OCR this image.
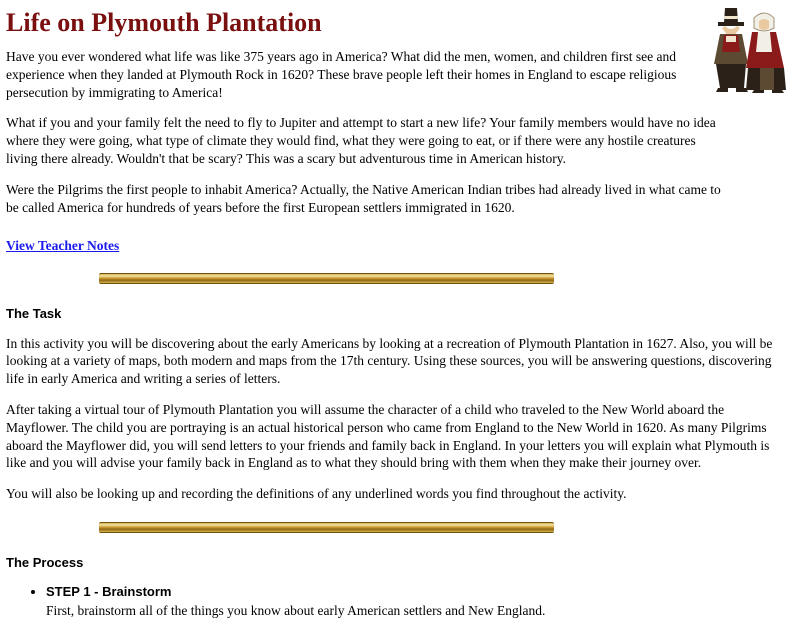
Life on Plymouth Plantation

Have you ever wondered what life was like 375 years ago in America? What did the men, women, and children first see and experience when they landed at Plymouth Rock in 1620? These brave people left their homes in England to escape religious persecution by immigrating to America!

What if you and your family felt the need to fly to Jupiter and attempt to start a new life? Your family members would have no idea where they were going, what type of climate they would find, what they were going to eat, or if there were any hostile creatures living there already. Wouldn't that be scary? This was a scary but adventurous time in American history.

Were the Pilgrims the first people to inhabit America? Actually, the Native American Indian tribes had already lived in what came to be called America for hundreds of years before the first European settlers immigrated in 1620.

View Teacher Notes
The Task

In this activity you will be discovering about the early Americans by looking at a recreation of Plymouth Plantation in 1627. Also, you will be looking at a variety of maps, both modern and maps from the 17th century. Using these sources, you will be answering questions, discovering life in early America and writing a series of letters.

After taking a virtual tour of Plymouth Plantation you will assume the character of a child who traveled to the New World aboard the Mayflower. The child you are portraying is an actual historical person who came from England to the New World in 1620. As many Pilgrims aboard the Mayflower did, you will send letters to your friends and family back in England. In your letters you will explain what Plymouth is like and you will advise your family back in England as to what they should bring with them when they make their journey over.

You will also be looking up and recording the definitions of any underlined words you find throughout the activity.

The Process
• STEP 1 - Brainstorm
First, brainstorm all of the things you know about early American settlers and New England.
